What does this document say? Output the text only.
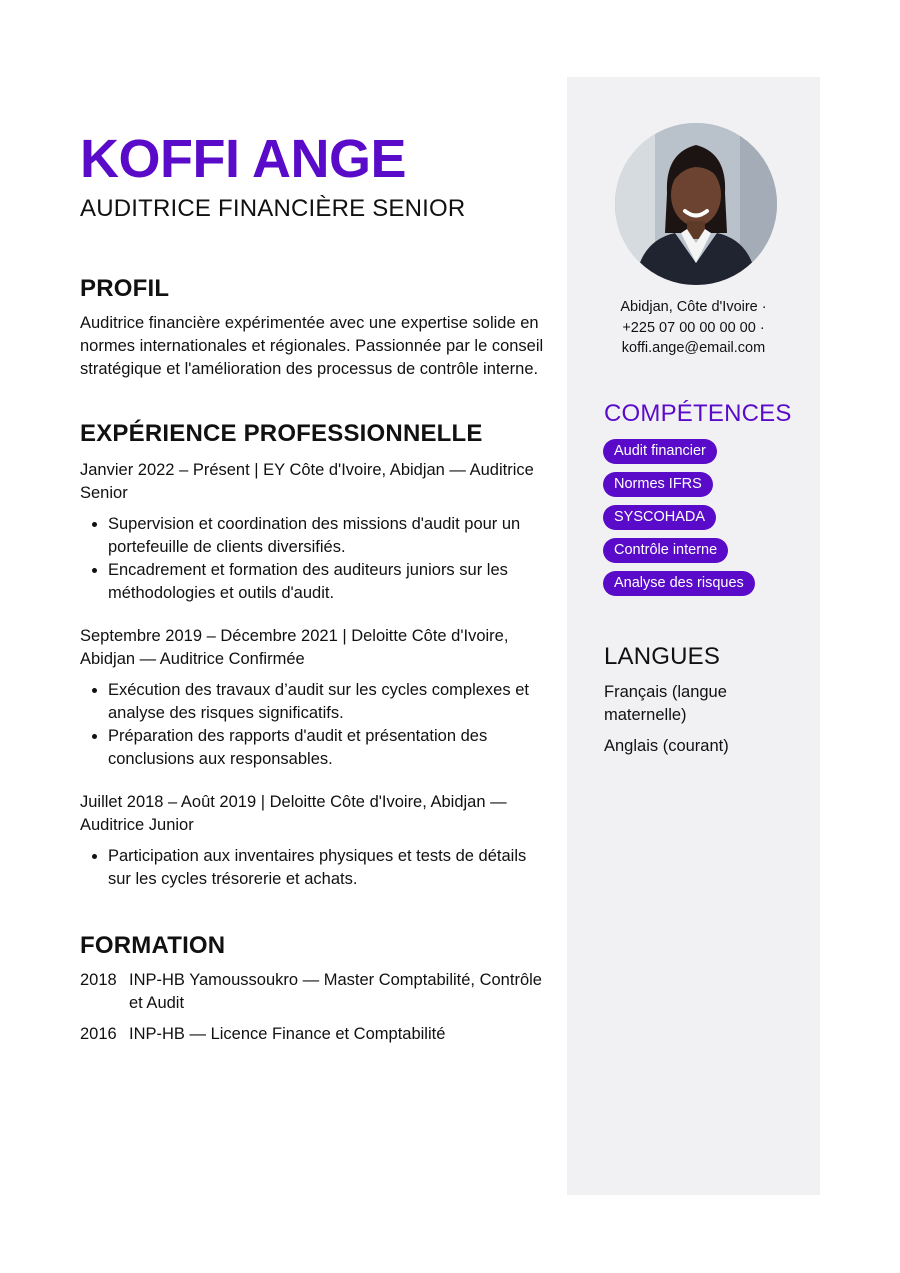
KOFFI ANGE
AUDITRICE FINANCIÈRE SENIOR
PROFIL

Auditrice financière expérimentée avec une expertise solide en normes internationales et régionales. Passionnée par le conseil stratégique et l'amélioration des processus de contrôle interne.

EXPÉRIENCE PROFESSIONNELLE
Janvier 2022 – Présent | EY Côte d'Ivoire, Abidjan — Auditrice Senior
• Supervision et coordination des missions d'audit pour un portefeuille de clients diversifiés.
• Encadrement et formation des auditeurs juniors sur les méthodologies et outils d'audit.
Septembre 2019 – Décembre 2021 | Deloitte Côte d'Ivoire, Abidjan — Auditrice Confirmée
• Exécution des travaux d’audit sur les cycles complexes et analyse des risques significatifs.
• Préparation des rapports d'audit et présentation des conclusions aux responsables.
Juillet 2018 – Août 2019 | Deloitte Côte d'Ivoire, Abidjan — Auditrice Junior
• Participation aux inventaires physiques et tests de détails sur les cycles trésorerie et achats.
FORMATION
2018 INP-HB Yamoussoukro — Master Comptabilité, Contrôle et Audit
2016 INP-HB — Licence Finance et Comptabilité
Abidjan, Côte d'Ivoire ·
+225 07 00 00 00 00 ·
koffi.ange@email.com
COMPÉTENCES
Audit financier
Normes IFRS
SYSCOHADA
Contrôle interne
Analyse des risques
LANGUES
Français (langue maternelle)
Anglais (courant)
